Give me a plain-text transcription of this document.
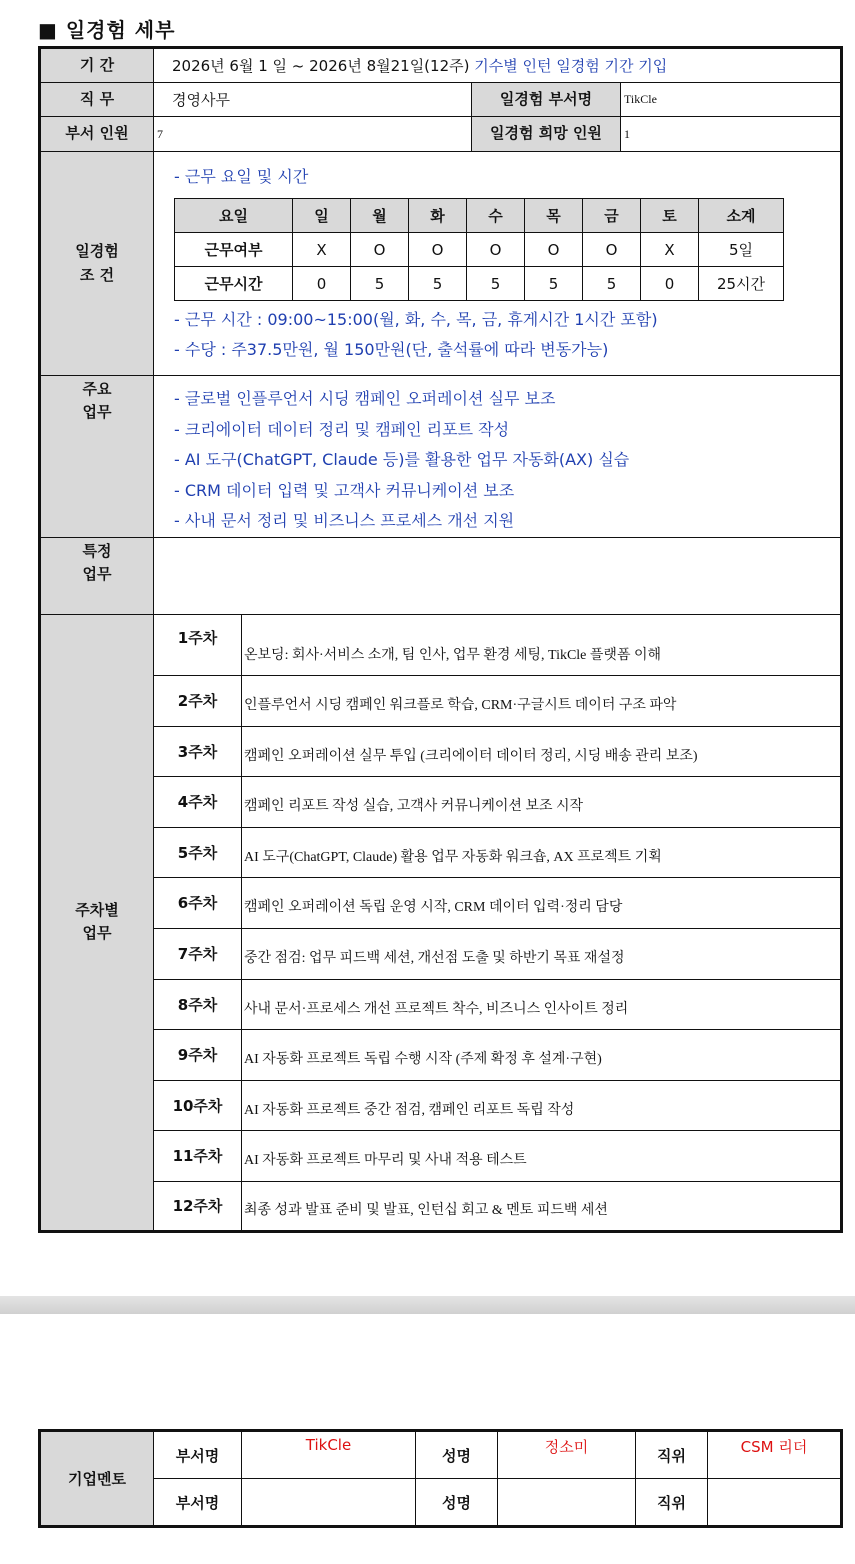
■ 일경험 세부
기 간	2026년 6월 1 일 ~ 2026년 8월21일(12주) 기수별 인턴 일경험 기간 기입
직 무	경영사무	일경험 부서명	TikCle
부서 인원	7	일경험 희망 인원	1
일경험
조 건	
- 근무 요일 및 시간
요일	일	월	화	수	목	금	토	소계
근무여부	X	O	O	O	O	O	X	5일
근무시간	0	5	5	5	5	5	0	25시간
- 근무 시간 : 09:00~15:00(월, 화, 수, 목, 금, 휴게시간 1시간 포함)
- 수당 : 주37.5만원, 월 150만원(단, 출석률에 따라 변동가능)

주요
업무	
- 글로벌 인플루언서 시딩 캠페인 오퍼레이션 실무 보조
- 크리에이터 데이터 정리 및 캠페인 리포트 작성
- AI 도구(ChatGPT, Claude 등)를 활용한 업무 자동화(AX) 실습
- CRM 데이터 입력 및 고객사 커뮤니케이션 보조
- 사내 문서 정리 및 비즈니스 프로세스 개선 지원

특정
업무	
주차별
업무	1주차	온보딩: 회사·서비스 소개, 팀 인사, 업무 환경 세팅, TikCle 플랫폼 이해
2주차	인플루언서 시딩 캠페인 워크플로 학습, CRM·구글시트 데이터 구조 파악
3주차	캠페인 오퍼레이션 실무 투입 (크리에이터 데이터 정리, 시딩 배송 관리 보조)
4주차	캠페인 리포트 작성 실습, 고객사 커뮤니케이션 보조 시작
5주차	AI 도구(ChatGPT, Claude) 활용 업무 자동화 워크숍, AX 프로젝트 기획
6주차	캠페인 오퍼레이션 독립 운영 시작, CRM 데이터 입력·정리 담당
7주차	중간 점검: 업무 피드백 세션, 개선점 도출 및 하반기 목표 재설정
8주차	사내 문서·프로세스 개선 프로젝트 착수, 비즈니스 인사이트 정리
9주차	AI 자동화 프로젝트 독립 수행 시작 (주제 확정 후 설계·구현)
10주차	AI 자동화 프로젝트 중간 점검, 캠페인 리포트 독립 작성
11주차	AI 자동화 프로젝트 마무리 및 사내 적용 테스트
12주차	최종 성과 발표 준비 및 발표, 인턴십 회고 & 멘토 피드백 세션
기업멘토	부서명	TikCle	성명	정소미	직위	CSM 리더
	부서명		성명		직위	
